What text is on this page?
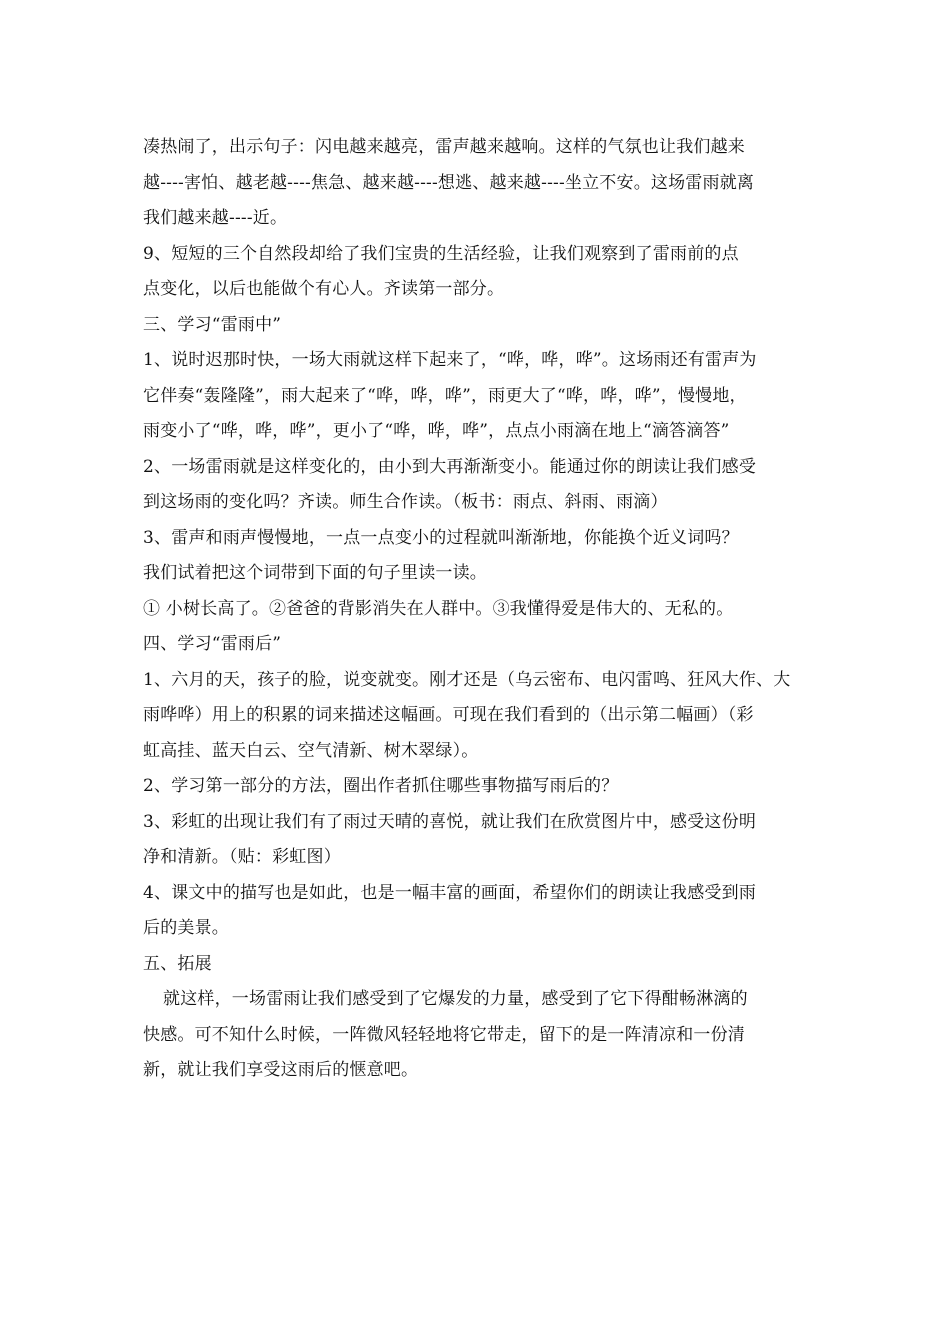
凑热闹了，出示句子：闪电越来越亮，雷声越来越响。这样的气氛也让我们越来
越----害怕、越老越----焦急、越来越----想逃、越来越----坐立不安。这场雷雨就离
我们越来越----近。
9、短短的三个自然段却给了我们宝贵的生活经验，让我们观察到了雷雨前的点
点变化，以后也能做个有心人。齐读第一部分。
三、学习“雷雨中”
1、说时迟那时快，一场大雨就这样下起来了，“哗，哗，哗”。这场雨还有雷声为
它伴奏“轰隆隆”，雨大起来了“哗，哗，哗”，雨更大了“哗，哗，哗”，慢慢地，
雨变小了“哗，哗，哗”，更小了“哗，哗，哗”，点点小雨滴在地上“滴答滴答”
2、一场雷雨就是这样变化的，由小到大再渐渐变小。能通过你的朗读让我们感受
到这场雨的变化吗？齐读。师生合作读。（板书：雨点、斜雨、雨滴）
3、雷声和雨声慢慢地，一点一点变小的过程就叫渐渐地，你能换个近义词吗？
我们试着把这个词带到下面的句子里读一读。
① 小树长高了。②爸爸的背影消失在人群中。③我懂得爱是伟大的、无私的。
四、学习“雷雨后”
1、六月的天，孩子的脸，说变就变。刚才还是（乌云密布、电闪雷鸣、狂风大作、大
雨哗哗）用上的积累的词来描述这幅画。可现在我们看到的（出示第二幅画）（彩
虹高挂、蓝天白云、空气清新、树木翠绿）。
2、学习第一部分的方法，圈出作者抓住哪些事物描写雨后的？
3、彩虹的出现让我们有了雨过天晴的喜悦，就让我们在欣赏图片中，感受这份明
净和清新。（贴：彩虹图）
4、课文中的描写也是如此，也是一幅丰富的画面，希望你们的朗读让我感受到雨
后的美景。
五、拓展
就这样，一场雷雨让我们感受到了它爆发的力量，感受到了它下得酣畅淋漓的
快感。可不知什么时候，一阵微风轻轻地将它带走，留下的是一阵清凉和一份清
新，就让我们享受这雨后的惬意吧。
